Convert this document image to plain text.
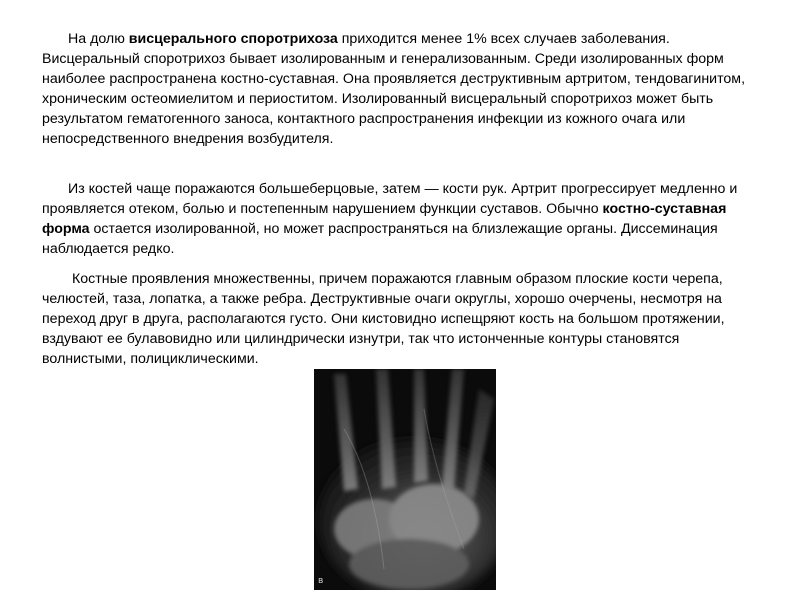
На долю висцерального споротрихоза приходится менее 1% всех случаев заболевания. Висцеральный споротрихоз бывает изолированным и генерализованным. Среди изолированных форм наиболее распространена костно-суставная. Она проявляется деструктивным артритом, тендовагинитом, хроническим остеомиелитом и периоститом. Изолированный висцеральный споротрихоз может быть результатом гематогенного заноса, контактного распространения инфекции из кожного очага или непосредственного внедрения возбудителя.

Из костей чаще поражаются большеберцовые, затем — кости рук. Артрит прогрессирует медленно и проявляется отеком, болью и постепенным нарушением функции суставов. Обычно костно-суставная форма остается изолированной, но может распространяться на близлежащие органы. Диссеминация наблюдается редко.

Костные проявления множественны, причем поражаются главным образом плоские кости черепа, челюстей, таза, лопатка, а также ребра. Деструктивные очаги округлы, хорошо очерчены, несмотря на переход друг в друга, располагаются густо. Они кистовидно испещряют кость на большом протяжении, вздувают ее булавовидно или цилиндрически изнутри, так что истонченные контуры становятся волнистыми, полициклическими.

в
